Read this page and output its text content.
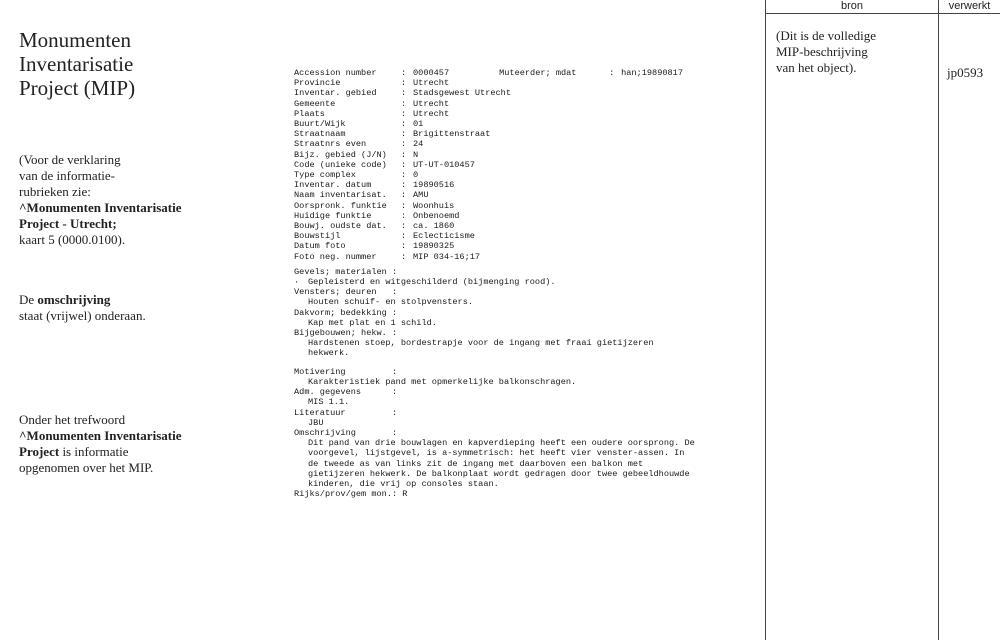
Monumenten
Inventarisatie
Project (MIP)

(Voor de verklaring
van de informatie-
rubrieken zie:
^Monumenten Inventarisatie
Project - Utrecht;
kaart 5 (0000.0100).

De omschrijving
staat (vrijwel) onderaan.

Onder het trefwoord
^Monumenten Inventarisatie
Project is informatie
opgenomen over het MIP.

Accession number	: 0000457	Muteerder; mdat	: han;19890817
Provincie	: Utrecht
Inventar. gebied	: Stadsgewest Utrecht
Gemeente	: Utrecht
Plaats	: Utrecht
Buurt/Wijk	: 01
Straatnaam	: Brigittenstraat
Straatnrs even	: 24
Bijz. gebied (J/N)	: N
Code (unieke code)	: UT-UT-010457
Type complex	: 0
Inventar. datum	: 19890516
Naam inventarisat.	: AMU
Oorspronk. funktie	: Woonhuis
Huidige funktie	: Onbenoemd
Bouwj. oudste dat.	: ca. 1860
Bouwstijl	: Eclecticisme
Datum foto	: 19890325
Foto neg. nummer	: MIP 034-16;17
Gevels; materialen :
· Gepleisterd en witgeschilderd (bijmenging rood).
Vensters; deuren   :
Houten schuif- en stolpvensters.
Dakvorm; bedekking :
Kap met plat en 1 schild.
Bijgebouwen; hekw. :
Hardstenen stoep, bordestrapje voor de ingang met fraai gietijzeren
hekwerk.
Motivering         :
Karakteristiek pand met opmerkelijke balkonschragen.
Adm. gegevens      :
MIS 1.1.
Literatuur         :
JBU
Omschrijving       :
Dit pand van drie bouwlagen en kapverdieping heeft een oudere oorsprong. De
voorgevel, lijstgevel, is a-symmetrisch: het heeft vier venster-assen. In
de tweede as van links zit de ingang met daarboven een balkon met
gietijzeren hekwerk. De balkonplaat wordt gedragen door twee gebeeldhouwde
kinderen, die vrij op consoles staan.
Rijks/prov/gem mon.: R
bron	verwerkt
(Dit is de volledige
MIP-beschrijving
van het object).	jp0593
